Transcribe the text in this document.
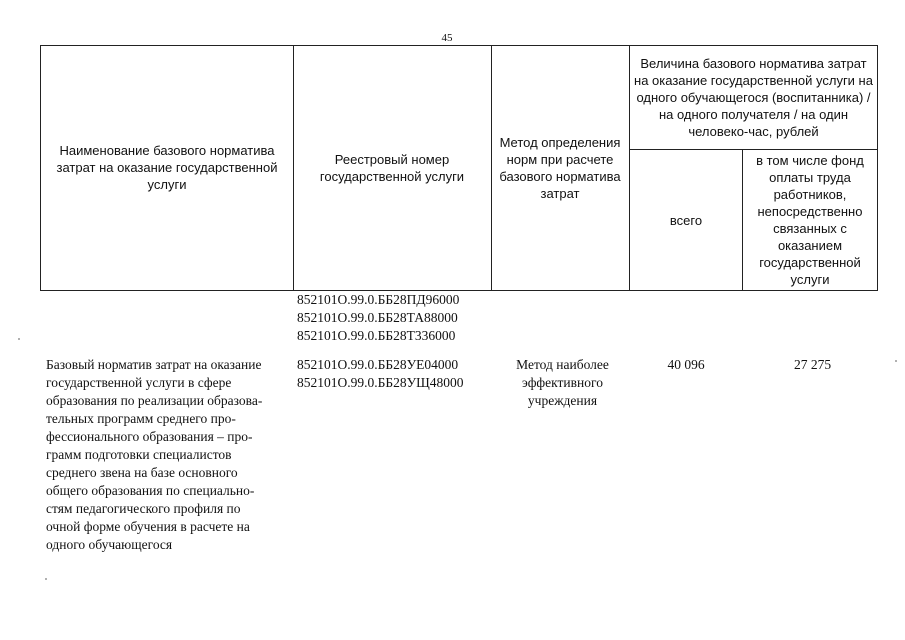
45
Наименование базового норматива затрат на оказание государственной услуги
Реестровый номер государственной услуги
Метод определения норм при расчете базового норматива затрат
Величина базового норматива затрат на оказание государственной услуги на одного обучающегося (воспитанника) / на одного получателя / на один человеко-час, рублей
всего
в том числе фонд оплаты труда работников, непосредственно связанных с оказанием государственной услуги
852101О.99.0.ББ28ПД96000
852101О.99.0.ББ28ТА88000
852101О.99.0.ББ28Т336000
Базовый норматив затрат на оказание
государственной услуги в сфере
образования по реализации образова-
тельных программ среднего про-
фессионального образования – про-
грамм подготовки специалистов
среднего звена на базе основного
общего образования по специально-
стям педагогического профиля по
очной форме обучения в расчете на
одного обучающегося
852101О.99.0.ББ28УЕ04000
852101О.99.0.ББ28УЩ48000
Метод наиболее эффективного учреждения
40 096	27 275
